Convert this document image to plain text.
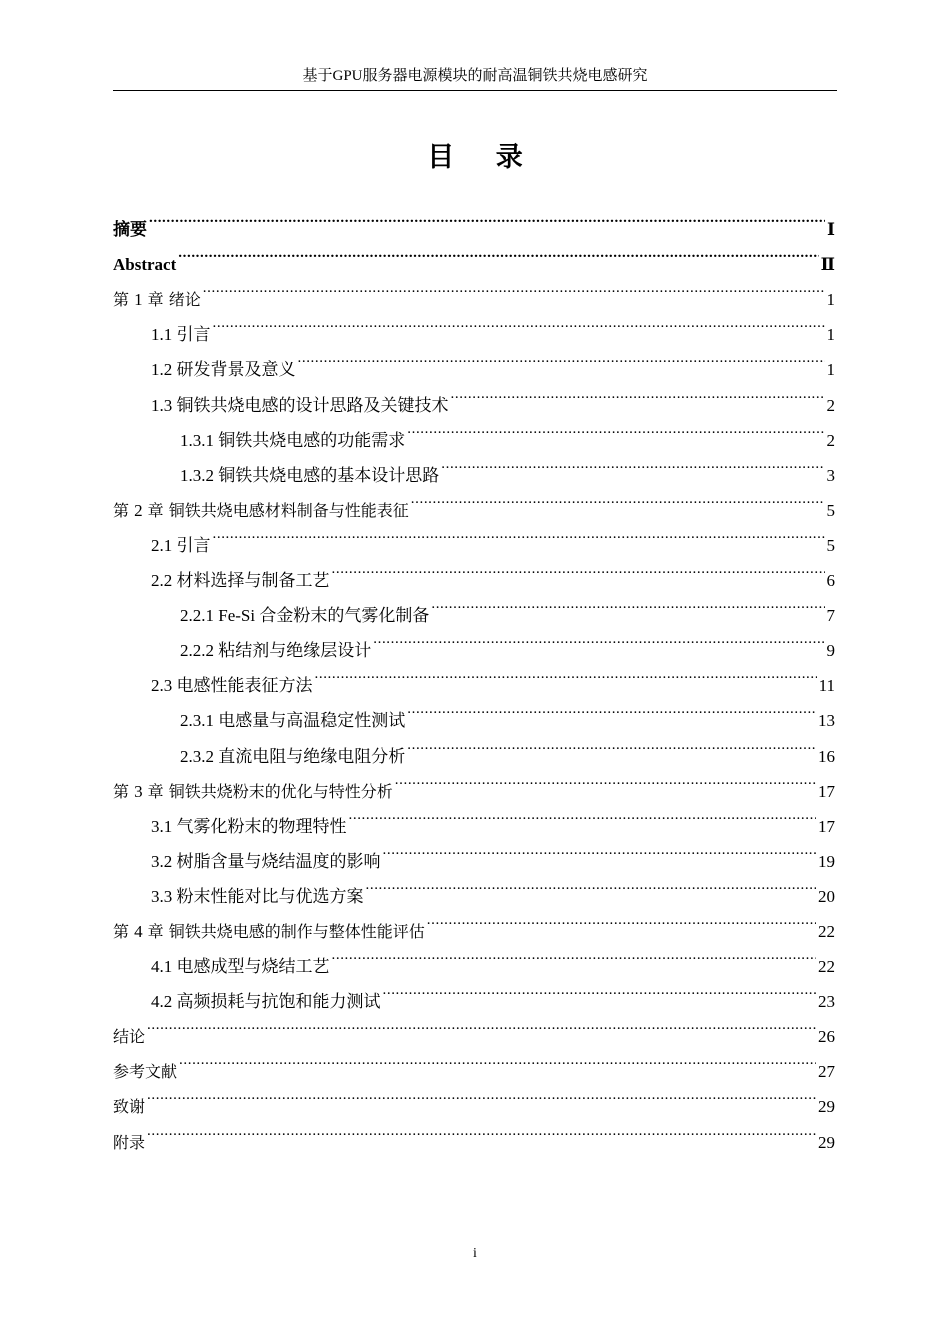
基于GPU服务器电源模块的耐高温铜铁共烧电感研究
目 录
摘要 .....	Ⅰ
Abstract .....	Ⅱ
第 1 章 绪论 .....	1
1.1 引言 .....	1
1.2 研发背景及意义 .....	1
1.3 铜铁共烧电感的设计思路及关键技术 .....	2
1.3.1 铜铁共烧电感的功能需求 .....	2
1.3.2 铜铁共烧电感的基本设计思路 .....	3
第 2 章 铜铁共烧电感材料制备与性能表征 .....	5
2.1 引言 .....	5
2.2 材料选择与制备工艺 .....	6
2.2.1 Fe-Si 合金粉末的气雾化制备 .....	7
2.2.2 粘结剂与绝缘层设计 .....	9
2.3 电感性能表征方法 .....	11
2.3.1 电感量与高温稳定性测试 .....	13
2.3.2 直流电阻与绝缘电阻分析 .....	16
第 3 章 铜铁共烧粉末的优化与特性分析 .....	17
3.1 气雾化粉末的物理特性 .....	17
3.2 树脂含量与烧结温度的影响 .....	19
3.3 粉末性能对比与优选方案 .....	20
第 4 章 铜铁共烧电感的制作与整体性能评估 .....	22
4.1 电感成型与烧结工艺 .....	22
4.2 高频损耗与抗饱和能力测试 .....	23
结论 .....	26
参考文献 .....	27
致谢 .....	29
附录 .....	29
i
